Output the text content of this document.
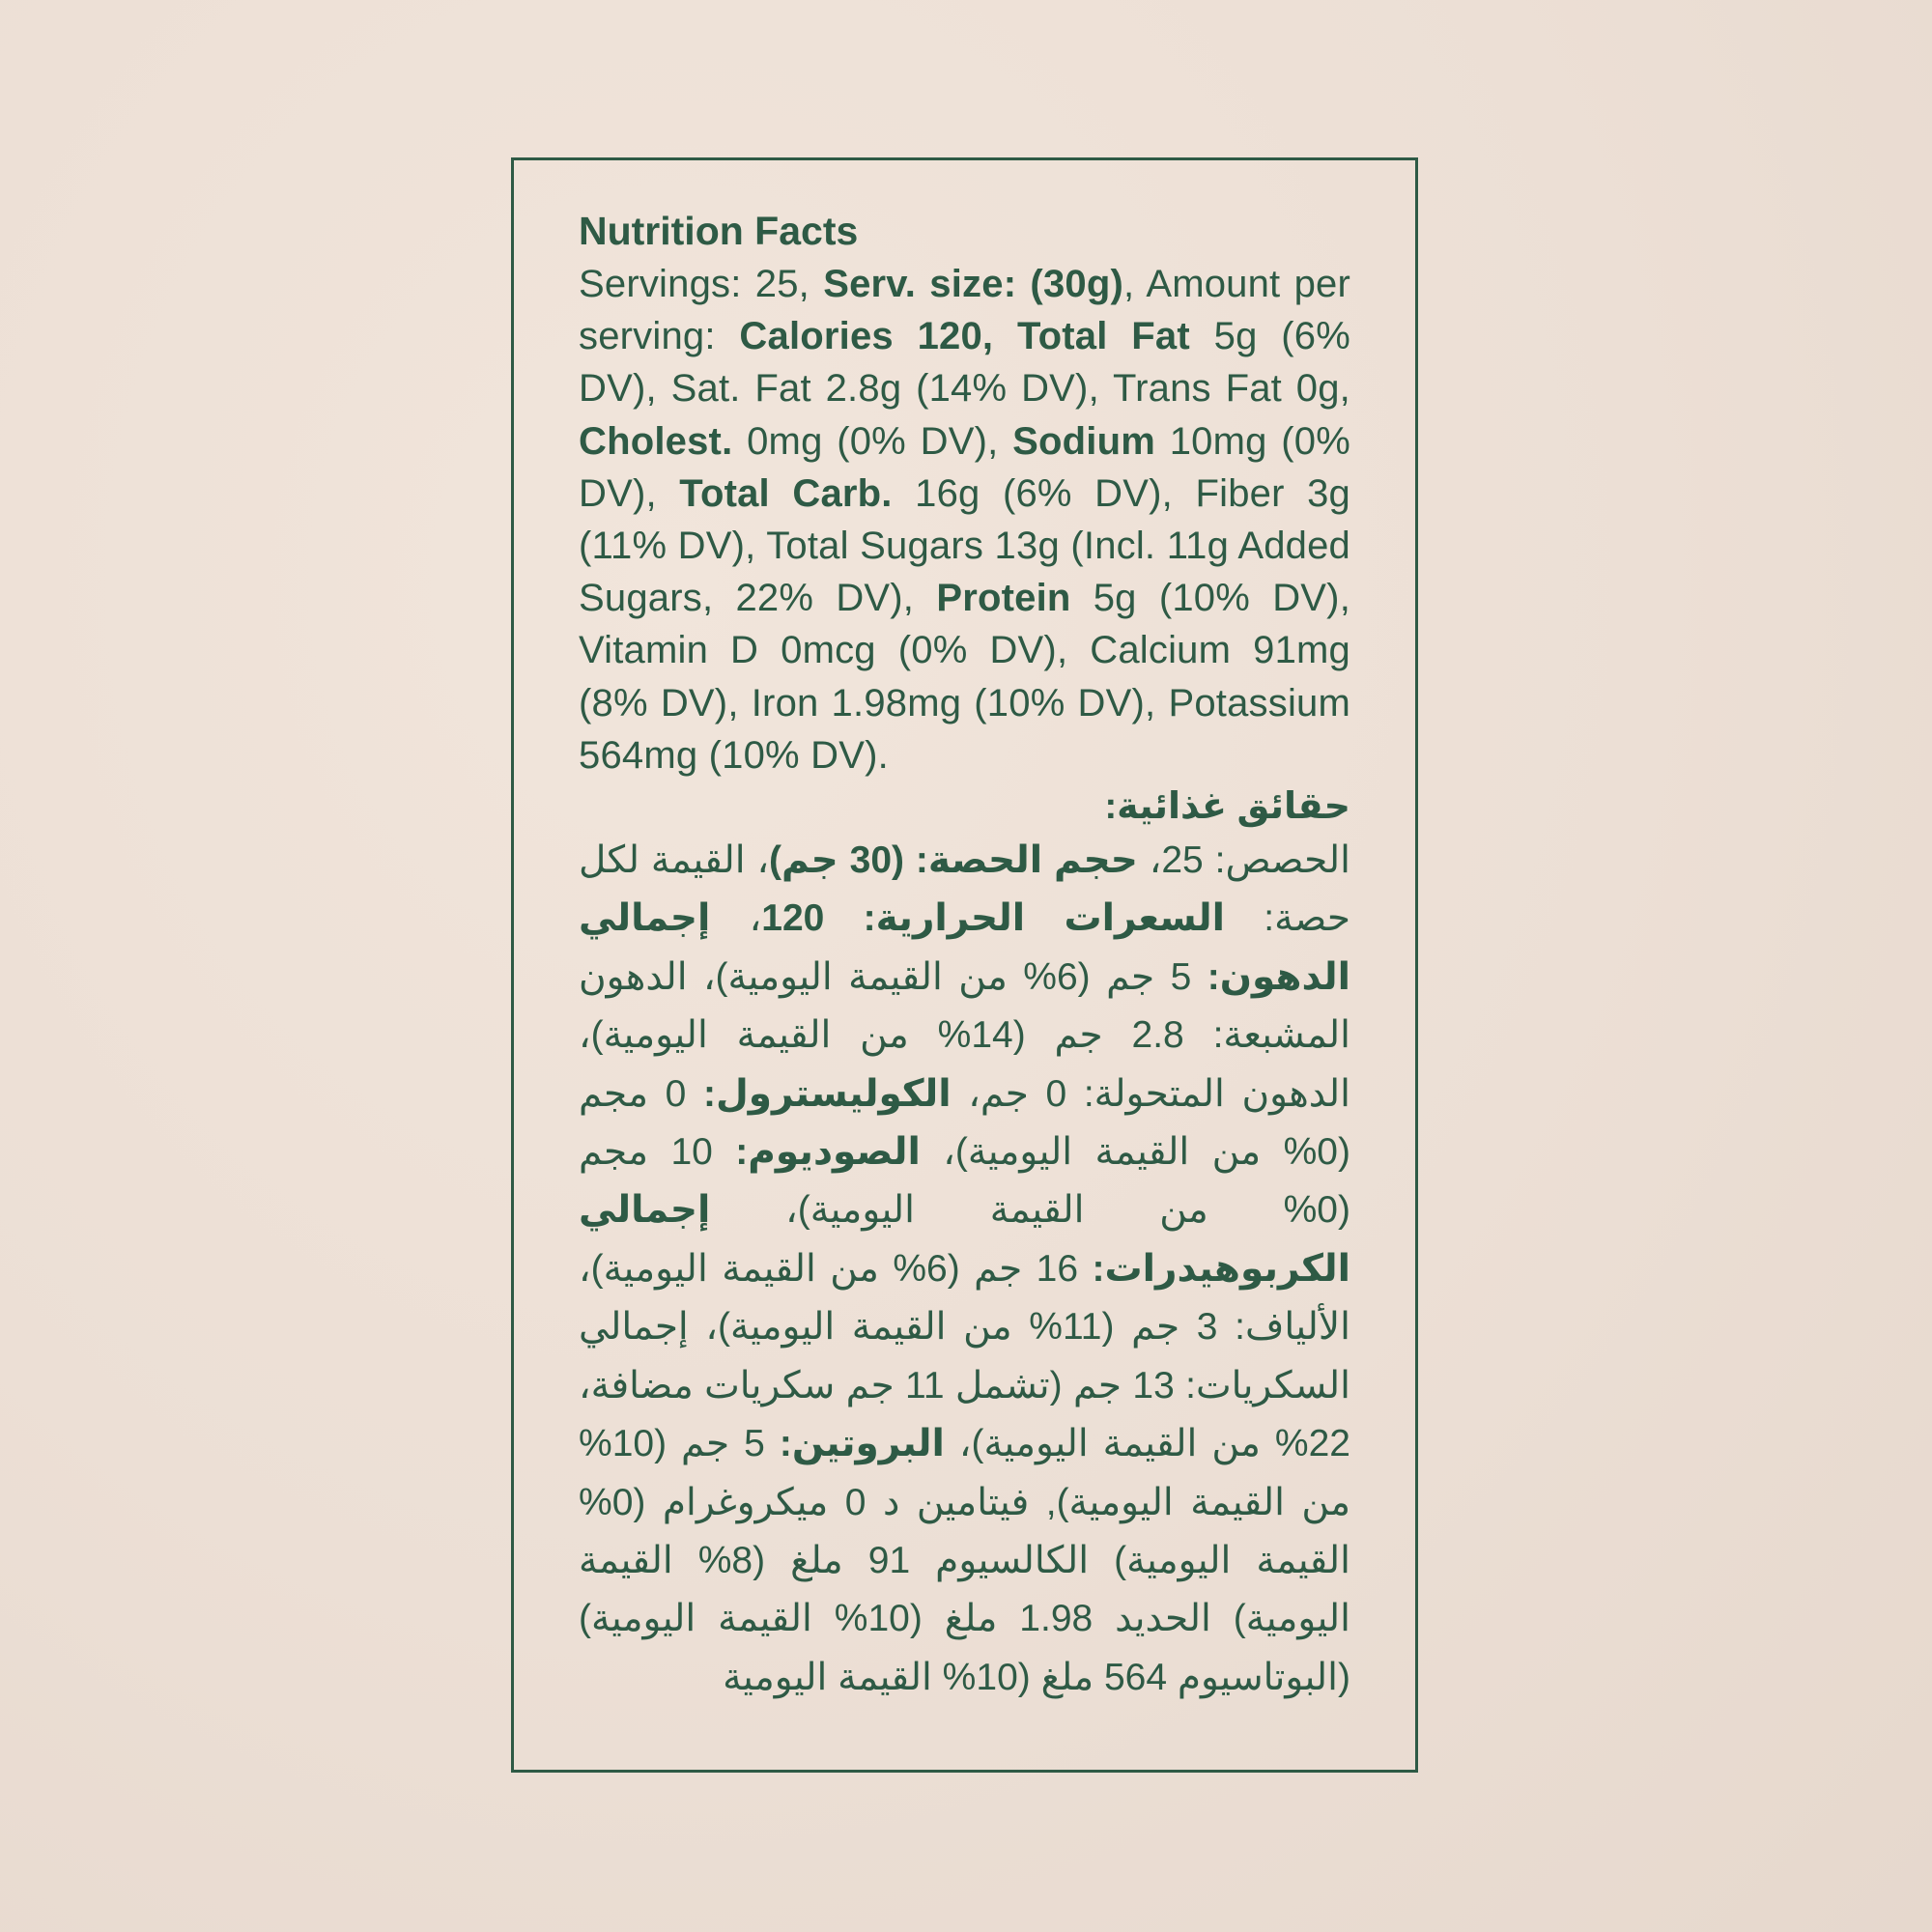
Nutrition Facts

Servings: 25, Serv. size: (30g), Amount per serving: Calories 120, Total Fat 5g (6% DV), Sat. Fat 2.8g (14% DV), Trans Fat 0g, Cholest. 0mg (0% DV), Sodium 10mg (0% DV), Total Carb. 16g (6% DV), Fiber 3g (11% DV), Total Sugars 13g (Incl. 11g Added Sugars, 22% DV), Protein 5g (10% DV), Vitamin D 0mcg (0% DV), Calcium 91mg (8% DV), Iron 1.98mg (10% DV), Potassium 564mg (10% DV).

حقائق غذائية:

الحصص: 25، حجم الحصة: (30 جم)، القيمة لكل حصة: السعرات الحرارية: 120، إجمالي الدهون: 5 جم (6% من القيمة اليومية)، الدهون المشبعة: 2.8 جم (14% من القيمة اليومية)، الدهون المتحولة: 0 جم، الكوليسترول: 0 مجم (0% من القيمة اليومية)، الصوديوم: 10 مجم (0% من القيمة اليومية)، إجمالي الكربوهيدرات: 16 جم (6% من القيمة اليومية)، الألياف: 3 جم (11% من القيمة اليومية)، إجمالي السكريات: 13 جم (تشمل 11 جم سكريات مضافة، 22% من القيمة اليومية)، البروتين: 5 جم (10% من القيمة اليومية), فيتامين د 0 ميكروغرام (0% القيمة اليومية) الكالسيوم 91 ملغ (8% القيمة اليومية) الحديد 1.98 ملغ (10% القيمة اليومية) (البوتاسيوم 564 ملغ (10% القيمة اليومية
